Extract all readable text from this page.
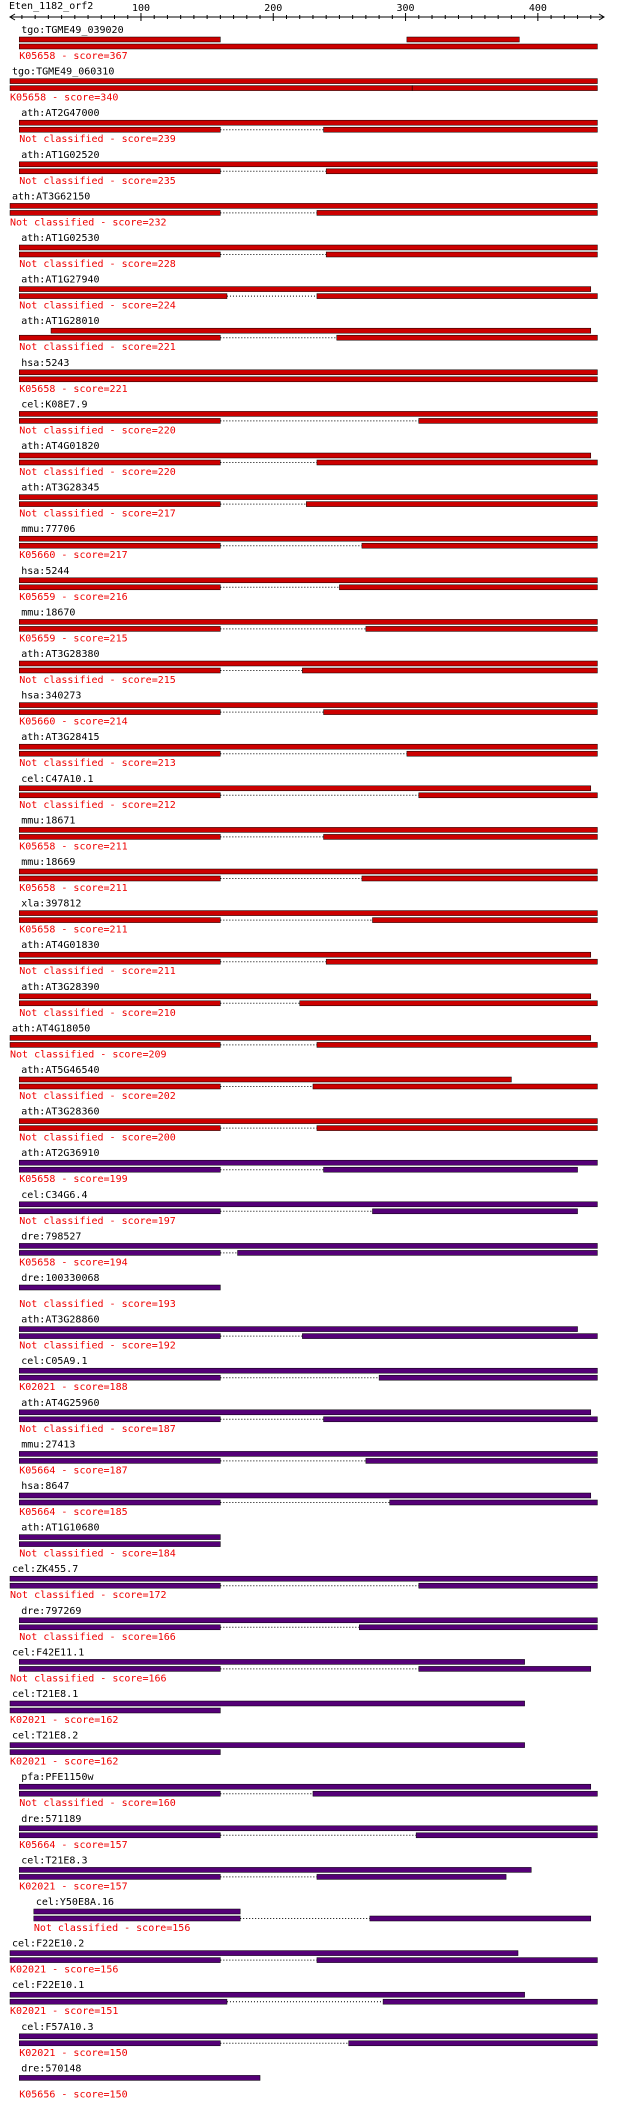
Eten_1182_orf2	100	200	300	400
tgo:TGME49_039020
K05658 - score=367
tgo:TGME49_060310
K05658 - score=340
ath:AT2G47000
Not classified - score=239
ath:AT1G02520
Not classified - score=235
ath:AT3G62150
Not classified - score=232
ath:AT1G02530
Not classified - score=228
ath:AT1G27940
Not classified - score=224
ath:AT1G28010
Not classified - score=221
hsa:5243
K05658 - score=221
cel:K08E7.9
Not classified - score=220
ath:AT4G01820
Not classified - score=220
ath:AT3G28345
Not classified - score=217
mmu:77706
K05660 - score=217
hsa:5244
K05659 - score=216
mmu:18670
K05659 - score=215
ath:AT3G28380
Not classified - score=215
hsa:340273
K05660 - score=214
ath:AT3G28415
Not classified - score=213
cel:C47A10.1
Not classified - score=212
mmu:18671
K05658 - score=211
mmu:18669
K05658 - score=211
xla:397812
K05658 - score=211
ath:AT4G01830
Not classified - score=211
ath:AT3G28390
Not classified - score=210
ath:AT4G18050
Not classified - score=209
ath:AT5G46540
Not classified - score=202
ath:AT3G28360
Not classified - score=200
ath:AT2G36910
K05658 - score=199
cel:C34G6.4
Not classified - score=197
dre:798527
K05658 - score=194
dre:100330068
Not classified - score=193
ath:AT3G28860
Not classified - score=192
cel:C05A9.1
K02021 - score=188
ath:AT4G25960
Not classified - score=187
mmu:27413
K05664 - score=187
hsa:8647
K05664 - score=185
ath:AT1G10680
Not classified - score=184
cel:ZK455.7
Not classified - score=172
dre:797269
Not classified - score=166
cel:F42E11.1
Not classified - score=166
cel:T21E8.1
K02021 - score=162
cel:T21E8.2
K02021 - score=162
pfa:PFE1150w
Not classified - score=160
dre:571189
K05664 - score=157
cel:T21E8.3
K02021 - score=157
cel:Y50E8A.16
Not classified - score=156
cel:F22E10.2
K02021 - score=156
cel:F22E10.1
K02021 - score=151
cel:F57A10.3
K02021 - score=150
dre:570148
K05656 - score=150
